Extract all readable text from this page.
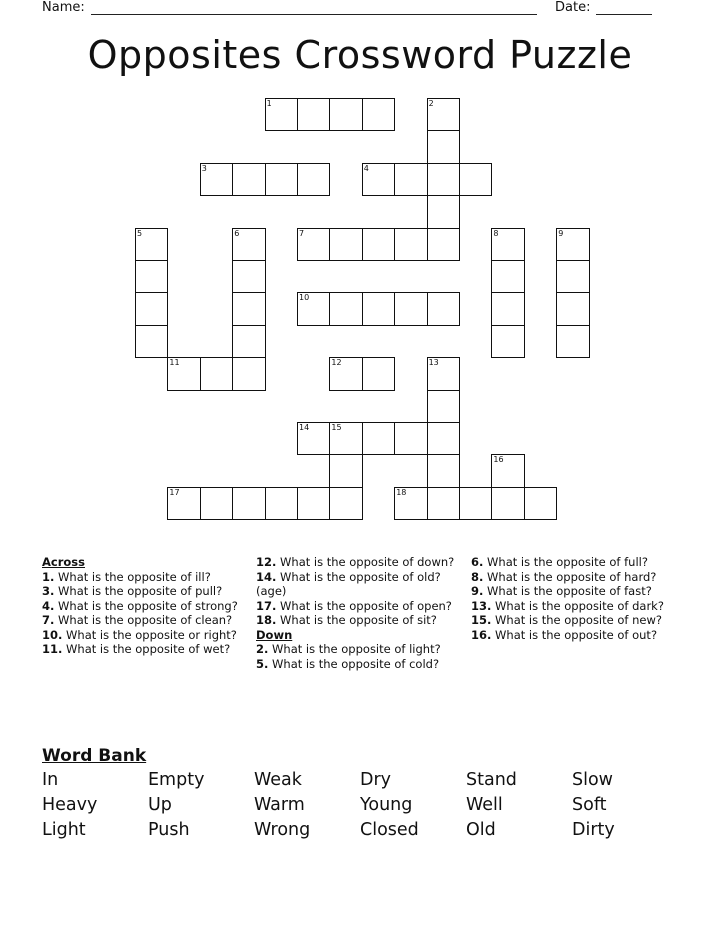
Name:	Date:
Opposites Crossword Puzzle
1	2
3	4
5	6	7	8	9
10
11	12	13
14	15
16
17	18
Across
1. What is the opposite of ill?
3. What is the opposite of pull?
4. What is the opposite of strong?
7. What is the opposite of clean?
10. What is the opposite or right?
11. What is the opposite of wet?
12. What is the opposite of down?
14. What is the opposite of old? (age)
17. What is the opposite of open?
18. What is the opposite of sit?
Down
2. What is the opposite of light?
5. What is the opposite of cold?
6. What is the opposite of full?
8. What is the opposite of hard?
9. What is the opposite of fast?
13. What is the opposite of dark?
15. What is the opposite of new?
16. What is the opposite of out?
Word Bank
In	Empty	Weak	Dry	Stand	Slow
Heavy	Up	Warm	Young	Well	Soft
Light	Push	Wrong	Closed	Old	Dirty
